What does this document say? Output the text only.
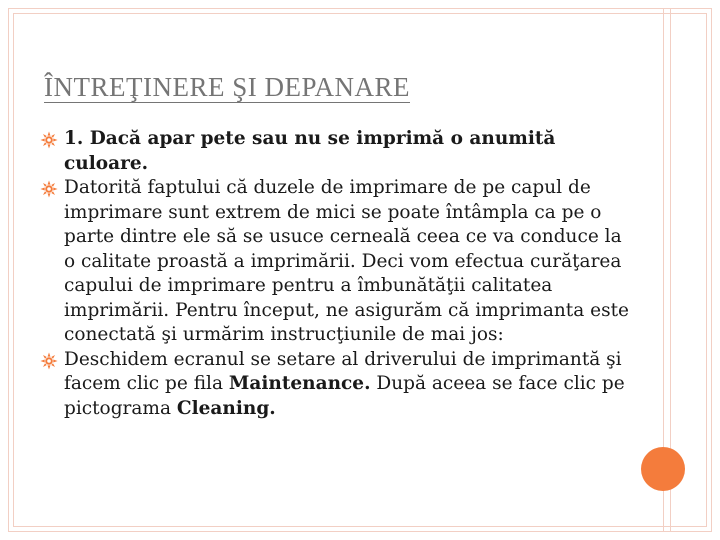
ÎNTREŢINERE ŞI DEPANARE

1. Dacă apar pete sau nu se imprimă o anumită culoare.

Datorită faptului că duzele de imprimare de pe capul de imprimare sunt extrem de mici se poate întâmpla ca pe o parte dintre ele să se usuce cerneală ceea ce va conduce la o calitate proastă a imprimării. Deci vom efectua curăţarea capului de imprimare pentru a îmbunătăţii calitatea imprimării. Pentru început, ne asigurăm că imprimanta este conectată şi urmărim instrucţiunile de mai jos:

Deschidem ecranul se setare al driverului de imprimantă şi facem clic pe fila Maintenance. După aceea se face clic pe pictograma Cleaning.
